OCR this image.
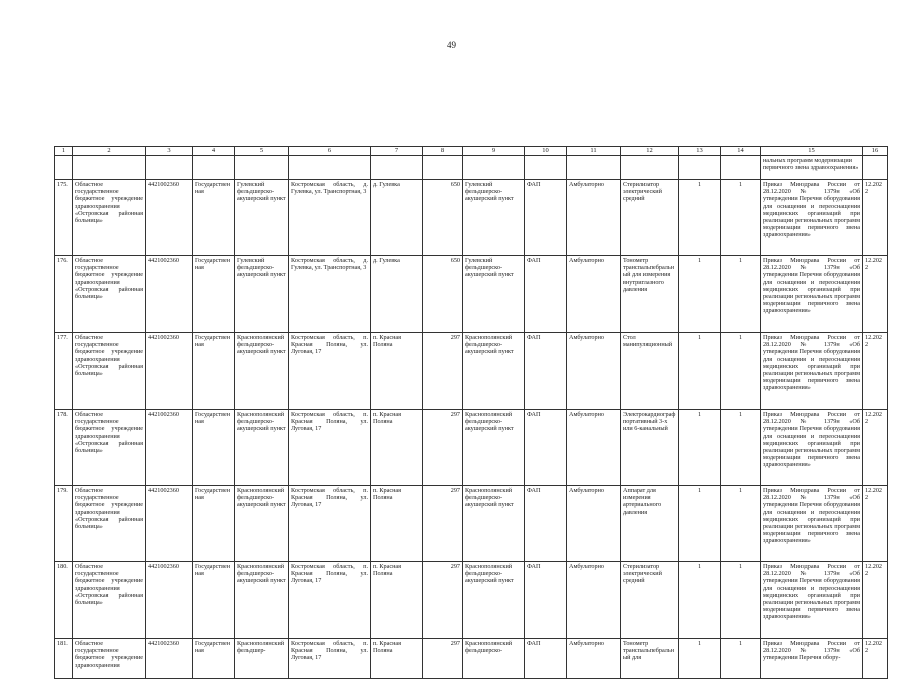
49
1	2	3	4	5	6	7	8	9	10	11	12	13	14	15	16
														нальных программ модернизации первичного звена здравоохранения»	
175.	Областное государственное бюджетное учреждение здравоохранения «Островская районная больница»	4421002360	Государственная	Гулевский фельдшерско-акушерский пункт	Костромская область, д. Гулевка, ул. Транспортная, 3	д. Гулевка	650	Гулевский фельдшерско-акушерский пункт	ФАП	Амбулаторно	Стерилизатор электрический средний	1	1	Приказ Минздрава России от 28.12.2020 № 1379н «Об утверждении Перечня оборудования для оснащения и переоснащения медицинских организаций при реализации региональных программ модернизации первичного звена здравоохранения»	12.2022
176.	Областное государственное бюджетное учреждение здравоохранения «Островская районная больница»	4421002360	Государственная	Гулевский фельдшерско-акушерский пункт	Костромская область, д. Гулевка, ул. Транспортная, 3	д. Гулевка	650	Гулевский фельдшерско-акушерский пункт	ФАП	Амбулаторно	Тонометр транспальпебральный для измерения внутриглазного давления	1	1	Приказ Минздрава России от 28.12.2020 № 1379н «Об утверждении Перечня оборудования для оснащения и переоснащения медицинских организаций при реализации региональных программ модернизации первичного звена здравоохранения»	12.2022
177.	Областное государственное бюджетное учреждение здравоохранения «Островская районная больница»	4421002360	Государственная	Краснополянский фельдшерско-акушерский пункт	Костромская область, п. Красная Поляна, ул. Луговая, 17	п. Красная Поляна	297	Краснополянский фельдшерско-акушерский пункт	ФАП	Амбулаторно	Стол манипуляционный	1	1	Приказ Минздрава России от 28.12.2020 № 1379н «Об утверждении Перечня оборудования для оснащения и переоснащения медицинских организаций при реализации региональных программ модернизации первичного звена здравоохранения»	12.2022
178.	Областное государственное бюджетное учреждение здравоохранения «Островская районная больница»	4421002360	Государственная	Краснополянский фельдшерско-акушерский пункт	Костромская область, п. Красная Поляна, ул. Луговая, 17	п. Красная Поляна	297	Краснополянский фельдшерско-акушерский пункт	ФАП	Амбулаторно	Электрокардиограф портативный 3-х или 6-канальный	1	1	Приказ Минздрава России от 28.12.2020 № 1379н «Об утверждении Перечня оборудования для оснащения и переоснащения медицинских организаций при реализации региональных программ модернизации первичного звена здравоохранения»	12.2022
179.	Областное государственное бюджетное учреждение здравоохранения «Островская районная больница»	4421002360	Государственная	Краснополянский фельдшерско-акушерский пункт	Костромская область, п. Красная Поляна, ул. Луговая, 17	п. Красная Поляна	297	Краснополянский фельдшерско-акушерский пункт	ФАП	Амбулаторно	Аппарат для измерения артериального давления	1	1	Приказ Минздрава России от 28.12.2020 № 1379н «Об утверждении Перечня оборудования для оснащения и переоснащения медицинских организаций при реализации региональных программ модернизации первичного звена здравоохранения»	12.2022
180.	Областное государственное бюджетное учреждение здравоохранения «Островская районная больница»	4421002360	Государственная	Краснополянский фельдшерско-акушерский пункт	Костромская область, п. Красная Поляна, ул. Луговая, 17	п. Красная Поляна	297	Краснополянский фельдшерско-акушерский пункт	ФАП	Амбулаторно	Стерилизатор электрический средний	1	1	Приказ Минздрава России от 28.12.2020 № 1379н «Об утверждении Перечня оборудования для оснащения и переоснащения медицинских организаций при реализации региональных программ модернизации первичного звена здравоохранения»	12.2022
181.	Областное государственное бюджетное учреждение здравоохранения	4421002360	Государственная	Краснополянский фельдшер-	Костромская область, п. Красная Поляна, ул. Луговая, 17	п. Красная Поляна	297	Краснополянский фельдшерско-	ФАП	Амбулаторно	Тонометр транспальпебральный для	1	1	Приказ Минздрава России от 28.12.2020 № 1379н «Об утверждении Перечня обору-	12.2022
